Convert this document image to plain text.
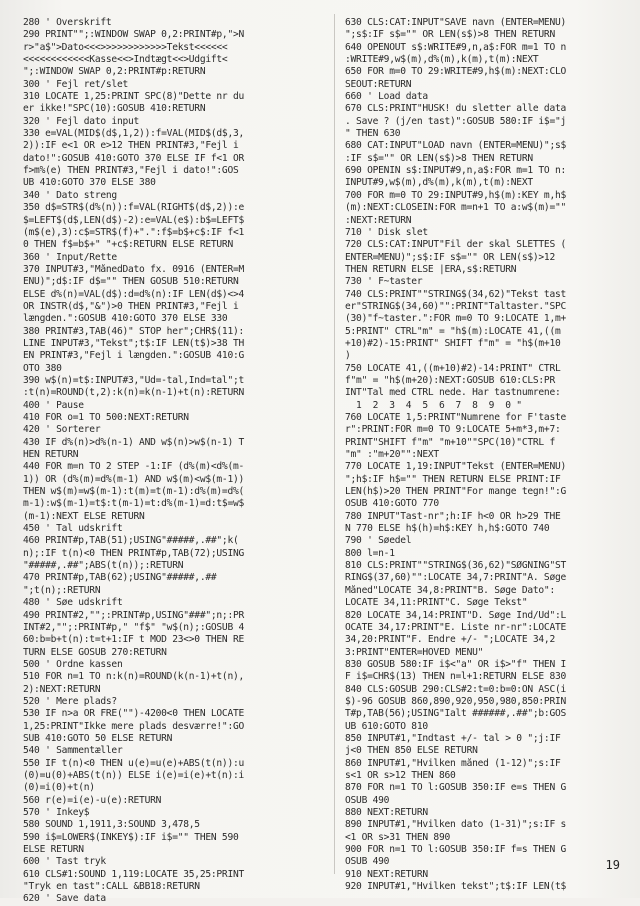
280 ' Overskrift
290 PRINT"";:WINDOW SWAP 0,2:PRINT#p,">N
r>"a$">Dato<<<>>>>>>>>>>>>Tekst<<<<<<
<<<<<<<<<<<<Kasse<<>Indtægt<<>Udgift<
";:WINDOW SWAP 0,2:PRINT#p:RETURN
300 ' Fejl ret/slet
310 LOCATE 1,25:PRINT SPC(8)"Dette nr du
er ikke!"SPC(10):GOSUB 410:RETURN
320 ' Fejl dato input
330 e=VAL(MID$(d$,1,2)):f=VAL(MID$(d$,3,
2)):IF e<1 OR e>12 THEN PRINT#3,"Fejl i
dato!":GOSUB 410:GOTO 370 ELSE IF f<1 OR
f>m%(e) THEN PRINT#3,"Fejl i dato!":GOS
UB 410:GOTO 370 ELSE 380
340 ' Dato streng
350 d$=STR$(d%(n)):f=VAL(RIGHT$(d$,2)):e
$=LEFT$(d$,LEN(d$)-2):e=VAL(e$):b$=LEFT$
(m$(e),3):c$=STR$(f)+".":f$=b$+c$:IF f<1
0 THEN f$=b$+" "+c$:RETURN ELSE RETURN
360 ' Input/Rette
370 INPUT#3,"MånedDato fx. 0916 (ENTER=M
ENU)";d$:IF d$="" THEN GOSUB 510:RETURN
ELSE d%(n)=VAL(d$):d=d%(n):IF LEN(d$)<>4
OR INSTR(d$,"&")>0 THEN PRINT#3,"Fejl i
længden.":GOSUB 410:GOTO 370 ELSE 330
380 PRINT#3,TAB(46)" STOP her";CHR$(11):
LINE INPUT#3,"Tekst";t$:IF LEN(t$)>38 TH
EN PRINT#3,"Fejl i længden.":GOSUB 410:G
OTO 380
390 w$(n)=t$:INPUT#3,"Ud=-tal,Ind=tal";t
:t(n)=ROUND(t,2):k(n)=k(n-1)+t(n):RETURN
400 ' Pause
410 FOR o=1 TO 500:NEXT:RETURN
420 ' Sorterer
430 IF d%(n)>d%(n-1) AND w$(n)>w$(n-1) T
HEN RETURN
440 FOR m=n TO 2 STEP -1:IF (d%(m)<d%(m-
1)) OR (d%(m)=d%(m-1) AND w$(m)<w$(m-1))
THEN w$(m)=w$(m-1):t(m)=t(m-1):d%(m)=d%(
m-1):w$(m-1)=t$:t(m-1)=t:d%(m-1)=d:t$=w$
(m-1):NEXT ELSE RETURN
450 ' Tal udskrift
460 PRINT#p,TAB(51);USING"#####,.##";k(
n);:IF t(n)<0 THEN PRINT#p,TAB(72);USING
"#####,.##";ABS(t(n));:RETURN
470 PRINT#p,TAB(62);USING"#####,.##
";t(n);:RETURN
480 ' Søe udskrift
490 PRINT#2,"";:PRINT#p,USING"###";n;:PR
INT#2,"";:PRINT#p," "f$" "w$(n);:GOSUB 4
60:b=b+t(n):t=t+1:IF t MOD 23<>0 THEN RE
TURN ELSE GOSUB 270:RETURN
500 ' Ordne kassen
510 FOR n=1 TO n:k(n)=ROUND(k(n-1)+t(n),
2):NEXT:RETURN
520 ' Mere plads?
530 IF n>a OR FRE("")-4200<0 THEN LOCATE
1,25:PRINT"Ikke mere plads desværre!":GO
SUB 410:GOTO 50 ELSE RETURN
540 ' Sammentæller
550 IF t(n)<0 THEN u(e)=u(e)+ABS(t(n)):u
(0)=u(0)+ABS(t(n)) ELSE i(e)=i(e)+t(n):i
(0)=i(0)+t(n)
560 r(e)=i(e)-u(e):RETURN
570 ' Inkey$
580 SOUND 1,1911,3:SOUND 3,478,5
590 i$=LOWER$(INKEY$):IF i$="" THEN 590
ELSE RETURN
600 ' Tast tryk
610 CLS#1:SOUND 1,119:LOCATE 35,25:PRINT
"Tryk en tast":CALL &BB18:RETURN
620 ' Save data
630 CLS:CAT:INPUT"SAVE navn (ENTER=MENU)
";s$:IF s$="" OR LEN(s$)>8 THEN RETURN
640 OPENOUT s$:WRITE#9,n,a$:FOR m=1 TO n
:WRITE#9,w$(m),d%(m),k(m),t(m):NEXT
650 FOR m=0 TO 29:WRITE#9,h$(m):NEXT:CLO
SEOUT:RETURN
660 ' Load data
670 CLS:PRINT"HUSK! du sletter alle data
. Save ? (j/en tast)":GOSUB 580:IF i$="j
" THEN 630
680 CAT:INPUT"LOAD navn (ENTER=MENU)";s$
:IF s$="" OR LEN(s$)>8 THEN RETURN
690 OPENIN s$:INPUT#9,n,a$:FOR m=1 TO n:
INPUT#9,w$(m),d%(m),k(m),t(m):NEXT
700 FOR m=0 TO 29:INPUT#9,h$(m):KEY m,h$
(m):NEXT:CLOSEIN:FOR m=n+1 TO a:w$(m)=""
:NEXT:RETURN
710 ' Disk slet
720 CLS:CAT:INPUT"Fil der skal SLETTES (
ENTER=MENU)";s$:IF s$="" OR LEN(s$)>12
THEN RETURN ELSE |ERA,s$:RETURN
730 ' F~taster
740 CLS:PRINT""STRING$(34,62)"Tekst tast
er"STRING$(34,60)"":PRINT"Taltaster."SPC
(30)"f~taster.":FOR m=0 TO 9:LOCATE 1,m+
5:PRINT" CTRL"m" = "h$(m):LOCATE 41,((m
+10)#2)-15:PRINT" SHIFT f"m" = "h$(m+10
)
750 LOCATE 41,((m+10)#2)-14:PRINT" CTRL
f"m" = "h$(m+20):NEXT:GOSUB 610:CLS:PR
INT"Tal med CTRL nede. Har tastnumrene:
1  2  3  4  5  6  7  8  9  0 "
760 LOCATE 1,5:PRINT"Numrene for F'taste
r":PRINT:FOR m=0 TO 9:LOCATE 5+m*3,m+7:
PRINT"SHIFT f"m" "m+10""SPC(10)"CTRL f
"m" :"m+20"":NEXT
770 LOCATE 1,19:INPUT"Tekst (ENTER=MENU)
";h$:IF h$="" THEN RETURN ELSE PRINT:IF
LEN(h$)>20 THEN PRINT"For mange tegn!":G
OSUB 410:GOTO 770
780 INPUT"Tast-nr";h:IF h<0 OR h>29 THE
N 770 ELSE h$(h)=h$:KEY h,h$:GOTO 740
790 ' Søedel
800 l=n-1
810 CLS:PRINT""STRING$(36,62)"SØGNING"ST
RING$(37,60)"":LOCATE 34,7:PRINT"A. Søge
Måned"LOCATE 34,8:PRINT"B. Søge Dato":
LOCATE 34,11:PRINT"C. Søge Tekst"
820 LOCATE 34,14:PRINT"D. Søge Ind/Ud":L
OCATE 34,17:PRINT"E. Liste nr-nr":LOCATE
34,20:PRINT"F. Endre +/- ";LOCATE 34,2
3:PRINT"ENTER=HOVED MENU"
830 GOSUB 580:IF i$<"a" OR i$>"f" THEN I
F i$=CHR$(13) THEN n=l+1:RETURN ELSE 830
840 CLS:GOSUB 290:CLS#2:t=0:b=0:ON ASC(i
$)-96 GOSUB 860,890,920,950,980,850:PRIN
T#p,TAB(56);USING"Ialt ######,.##";b:GOS
UB 610:GOTO 810
850 INPUT#1,"Indtast +/- tal > 0 ";j:IF
j<0 THEN 850 ELSE RETURN
860 INPUT#1,"Hvilken måned (1-12)";s:IF
s<1 OR s>12 THEN 860
870 FOR n=1 TO l:GOSUB 350:IF e=s THEN G
OSUB 490
880 NEXT:RETURN
890 INPUT#1,"Hvilken dato (1-31)";s:IF s
<1 OR s>31 THEN 890
900 FOR n=1 TO l:GOSUB 350:IF f=s THEN G
OSUB 490
910 NEXT:RETURN
920 INPUT#1,"Hvilken tekst";t$:IF LEN(t$
19
